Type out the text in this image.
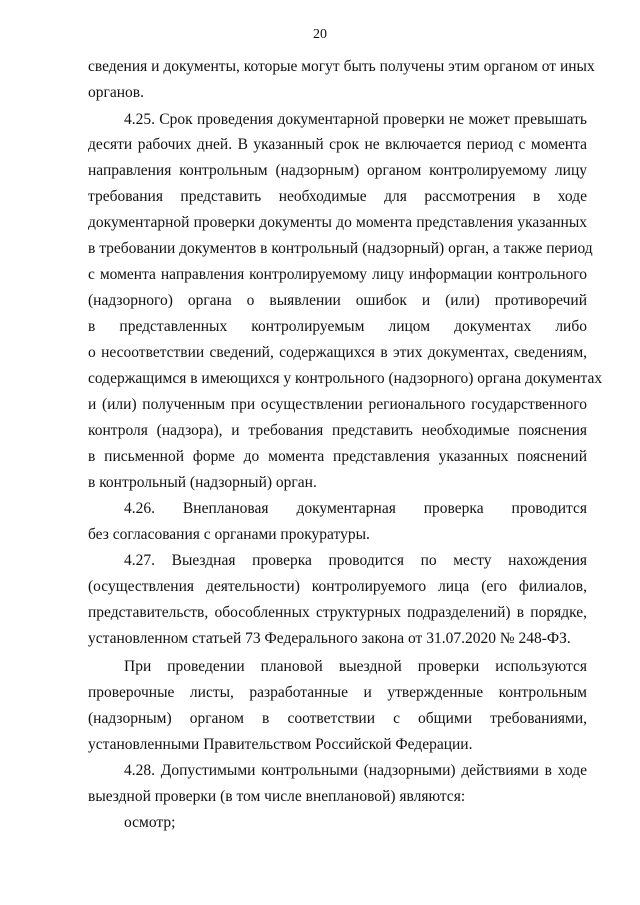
20
сведения и документы, которые могут быть получены этим органом от иных
органов.
4.25. Срок проведения документарной проверки не может превышать
десяти рабочих дней. В указанный срок не включается период с момента
направления контрольным (надзорным) органом контролируемому лицу
требования представить необходимые для рассмотрения в ходе
документарной проверки документы до момента представления указанных
в требовании документов в контрольный (надзорный) орган, а также период
с момента направления контролируемому лицу информации контрольного
(надзорного) органа о выявлении ошибок и (или) противоречий
в представленных контролируемым лицом документах либо
о несоответствии сведений, содержащихся в этих документах, сведениям,
содержащимся в имеющихся у контрольного (надзорного) органа документах
и (или) полученным при осуществлении регионального государственного
контроля (надзора), и требования представить необходимые пояснения
в письменной форме до момента представления указанных пояснений
в контрольный (надзорный) орган.
4.26. Внеплановая документарная проверка проводится
без согласования с органами прокуратуры.
4.27. Выездная проверка проводится по месту нахождения
(осуществления деятельности) контролируемого лица (его филиалов,
представительств, обособленных структурных подразделений) в порядке,
установленном статьей 73 Федерального закона от 31.07.2020 № 248-ФЗ.
При проведении плановой выездной проверки используются
проверочные листы, разработанные и утвержденные контрольным
(надзорным) органом в соответствии с общими требованиями,
установленными Правительством Российской Федерации.
4.28. Допустимыми контрольными (надзорными) действиями в ходе
выездной проверки (в том числе внеплановой) являются:
осмотр;
